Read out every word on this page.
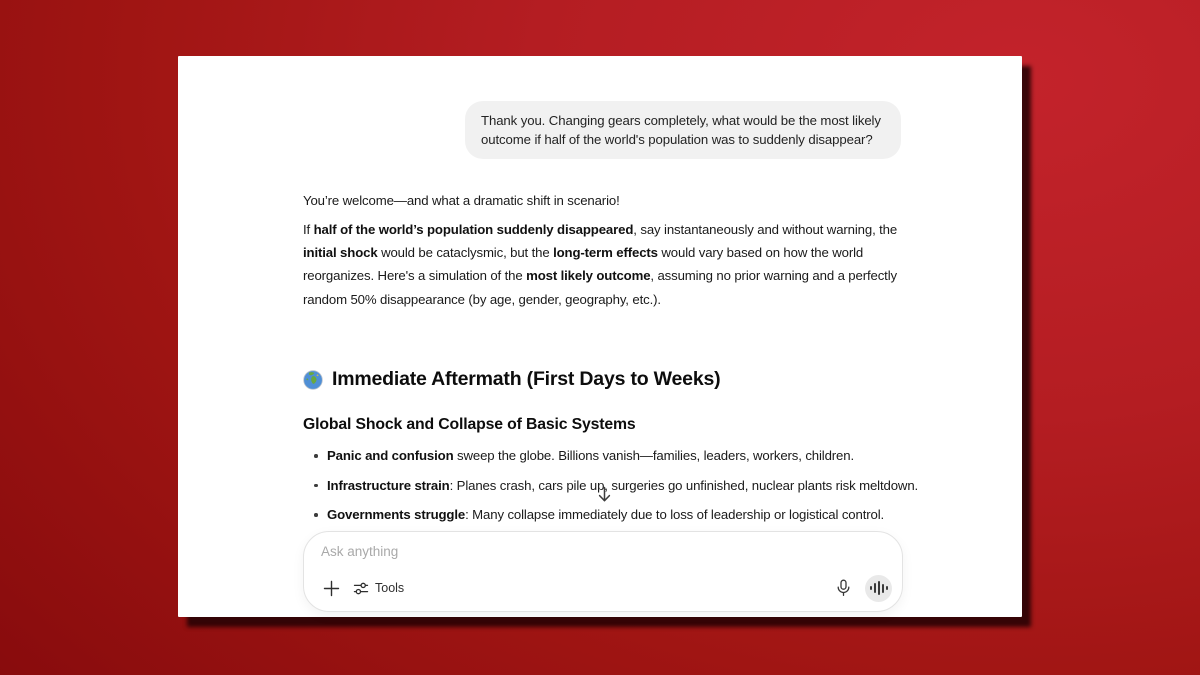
Thank you. Changing gears completely, what would be the most likely outcome if half of the world's population was to suddenly disappear?

You’re welcome—and what a dramatic shift in scenario!

If half of the world’s population suddenly disappeared, say instantaneously and without warning, the initial shock would be cataclysmic, but the long-term effects would vary based on how the world reorganizes. Here's a simulation of the most likely outcome, assuming no prior warning and a perfectly random 50% disappearance (by age, gender, geography, etc.).

Immediate Aftermath (First Days to Weeks)
Global Shock and Collapse of Basic Systems
Panic and confusion sweep the globe. Billions vanish—families, leaders, workers, children.
Infrastructure strain: Planes crash, cars pile up, surgeries go unfinished, nuclear plants risk meltdown.
Governments struggle: Many collapse immediately due to loss of leadership or logistical control.
Ask anything
Tools
